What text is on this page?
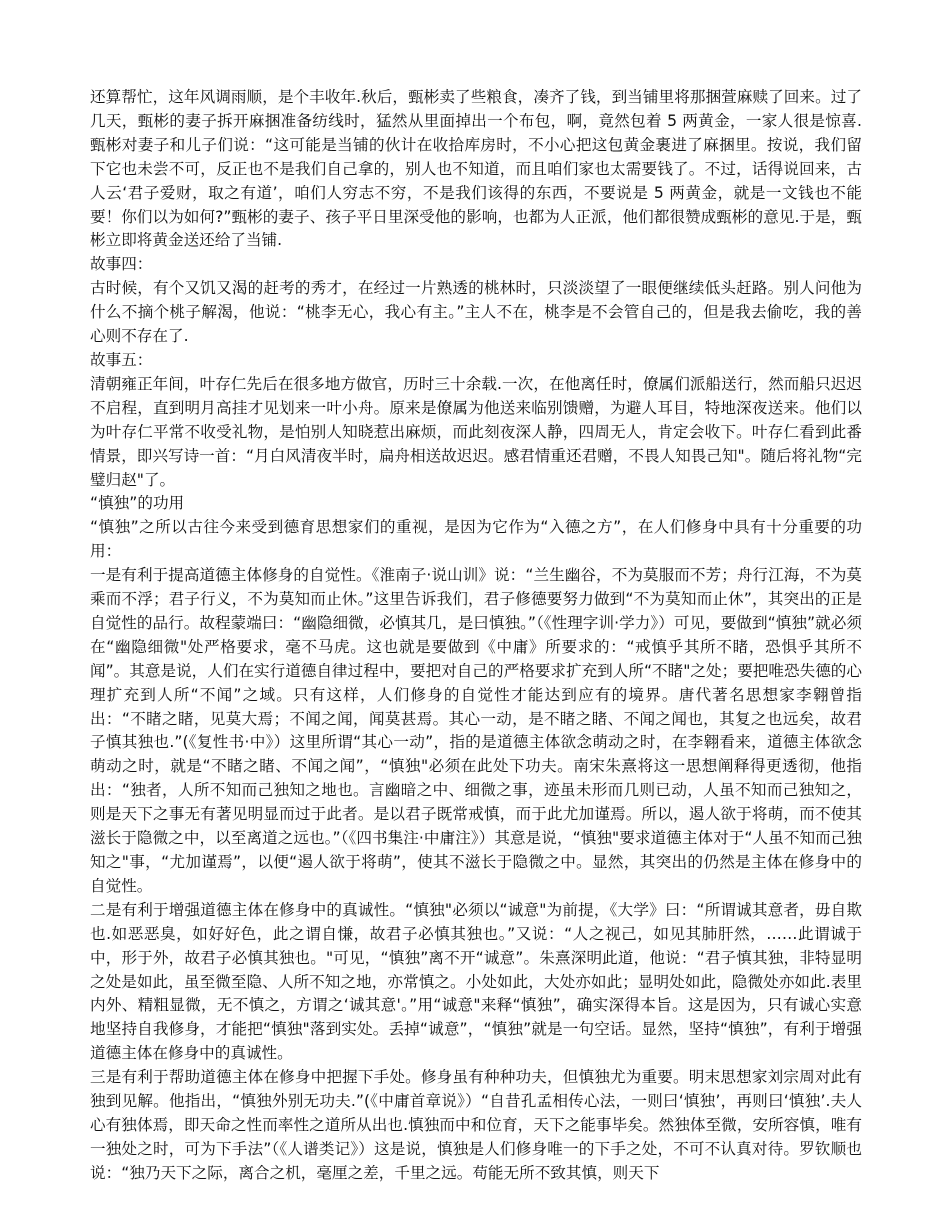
还算帮忙，这年风调雨顺，是个丰收年.秋后，甄彬卖了些粮食，凑齐了钱，到当铺里将那捆萱麻赎了回来。过了几天，甄彬的妻子拆开麻捆准备纺线时，猛然从里面掉出一个布包，啊，竟然包着 5 两黄金，一家人很是惊喜.甄彬对妻子和儿子们说：“这可能是当铺的伙计在收拾库房时，不小心把这包黄金裹进了麻捆里。按说，我们留下它也未尝不可，反正也不是我们自己拿的，别人也不知道，而且咱们家也太需要钱了。不过，话得说回来，古人云‘君子爱财，取之有道’，咱们人穷志不穷，不是我们该得的东西，不要说是 5 两黄金，就是一文钱也不能要！你们以为如何?”甄彬的妻子、孩子平日里深受他的影响，也都为人正派，他们都很赞成甄彬的意见.于是，甄彬立即将黄金送还给了当铺.

故事四：

古时候，有个又饥又渴的赶考的秀才，在经过一片熟透的桃林时，只淡淡望了一眼便继续低头赶路。别人问他为什么不摘个桃子解渴，他说：“桃李无心，我心有主。”主人不在，桃李是不会管自己的，但是我去偷吃，我的善心则不存在了.

故事五：

清朝雍正年间，叶存仁先后在很多地方做官，历时三十余载.一次，在他离任时，僚属们派船送行，然而船只迟迟不启程，直到明月高挂才见划来一叶小舟。原来是僚属为他送来临别馈赠，为避人耳目，特地深夜送来。他们以为叶存仁平常不收受礼物，是怕别人知晓惹出麻烦，而此刻夜深人静，四周无人，肯定会收下。叶存仁看到此番情景，即兴写诗一首：“月白风清夜半时，扁舟相送故迟迟。感君情重还君赠，不畏人知畏己知"。随后将礼物“完璧归赵"了。

“慎独”的功用

“慎独”之所以古往今来受到德育思想家们的重视，是因为它作为“入德之方”，在人们修身中具有十分重要的功用：

一是有利于提高道德主体修身的自觉性。《淮南子·说山训》说：“兰生幽谷，不为莫服而不芳；舟行江海，不为莫乘而不浮；君子行义，不为莫知而止休。”这里告诉我们，君子修德要努力做到“不为莫知而止休”，其突出的正是自觉性的品行。故程蒙端曰：“幽隐细微，必慎其几，是曰慎独。”（《性理字训·学力》）可见，要做到“慎独”就必须在“幽隐细微"处严格要求，毫不马虎。这也就是要做到《中庸》所要求的：“戒慎乎其所不睹，恐惧乎其所不闻”。其意是说，人们在实行道德自律过程中，要把对自己的严格要求扩充到人所“不睹"之处；要把唯恐失德的心理扩充到人所“不闻”之域。只有这样，人们修身的自觉性才能达到应有的境界。唐代著名思想家李翱曾指出：“不睹之睹，见莫大焉；不闻之闻，闻莫甚焉。其心一动，是不睹之睹、不闻之闻也，其复之也远矣，故君子慎其独也.”(《复性书·中》）这里所谓“其心一动”，指的是道德主体欲念萌动之时，在李翱看来，道德主体欲念萌动之时，就是“不睹之睹、不闻之闻”，“慎独"必须在此处下功夫。南宋朱熹将这一思想阐释得更透彻，他指出：“独者，人所不知而己独知之地也。言幽暗之中、细微之事，迹虽未形而几则已动，人虽不知而己独知之，则是天下之事无有著见明显而过于此者。是以君子既常戒慎，而于此尤加谨焉。所以，遏人欲于将萌，而不使其滋长于隐微之中，以至离道之远也。”（《四书集注·中庸注》）其意是说，“慎独"要求道德主体对于“人虽不知而己独知之"事，“尤加谨焉”，以便“遏人欲于将萌”，使其不滋长于隐微之中。显然，其突出的仍然是主体在修身中的自觉性。

二是有利于增强道德主体在修身中的真诚性。“慎独"必须以“诚意"为前提，《大学》曰：“所谓诚其意者，毋自欺也.如恶恶臭，如好好色，此之谓自慊，故君子必慎其独也。”又说：“人之视己，如见其肺肝然，……此谓诚于中，形于外，故君子必慎其独也。"可见，“慎独”离不开“诚意”。朱熹深明此道，他说：“君子慎其独，非特显明之处是如此，虽至微至隐、人所不知之地，亦常慎之。小处如此，大处亦如此；显明处如此，隐微处亦如此.表里内外、精粗显微，无不慎之，方谓之‘诚其意'。”用“诚意"来释“慎独”，确实深得本旨。这是因为，只有诚心实意地坚持自我修身，才能把“慎独"落到实处。丢掉“诚意”，“慎独”就是一句空话。显然，坚持“慎独”，有利于增强道德主体在修身中的真诚性。

三是有利于帮助道德主体在修身中把握下手处。修身虽有种种功夫，但慎独尤为重要。明末思想家刘宗周对此有独到见解。他指出，“慎独外别无功夫.”(《中庸首章说》）“自昔孔孟相传心法，一则曰‘慎独’，再则曰‘慎独’.夫人心有独体焉，即天命之性而率性之道所从出也.慎独而中和位育，天下之能事毕矣。然独体至微，安所容慎，唯有一独处之时，可为下手法”（《人谱类记》）这是说，慎独是人们修身唯一的下手之处，不可不认真对待。罗钦顺也说：“独乃天下之际，离合之机，毫厘之差，千里之远。苟能无所不致其慎，则天下
